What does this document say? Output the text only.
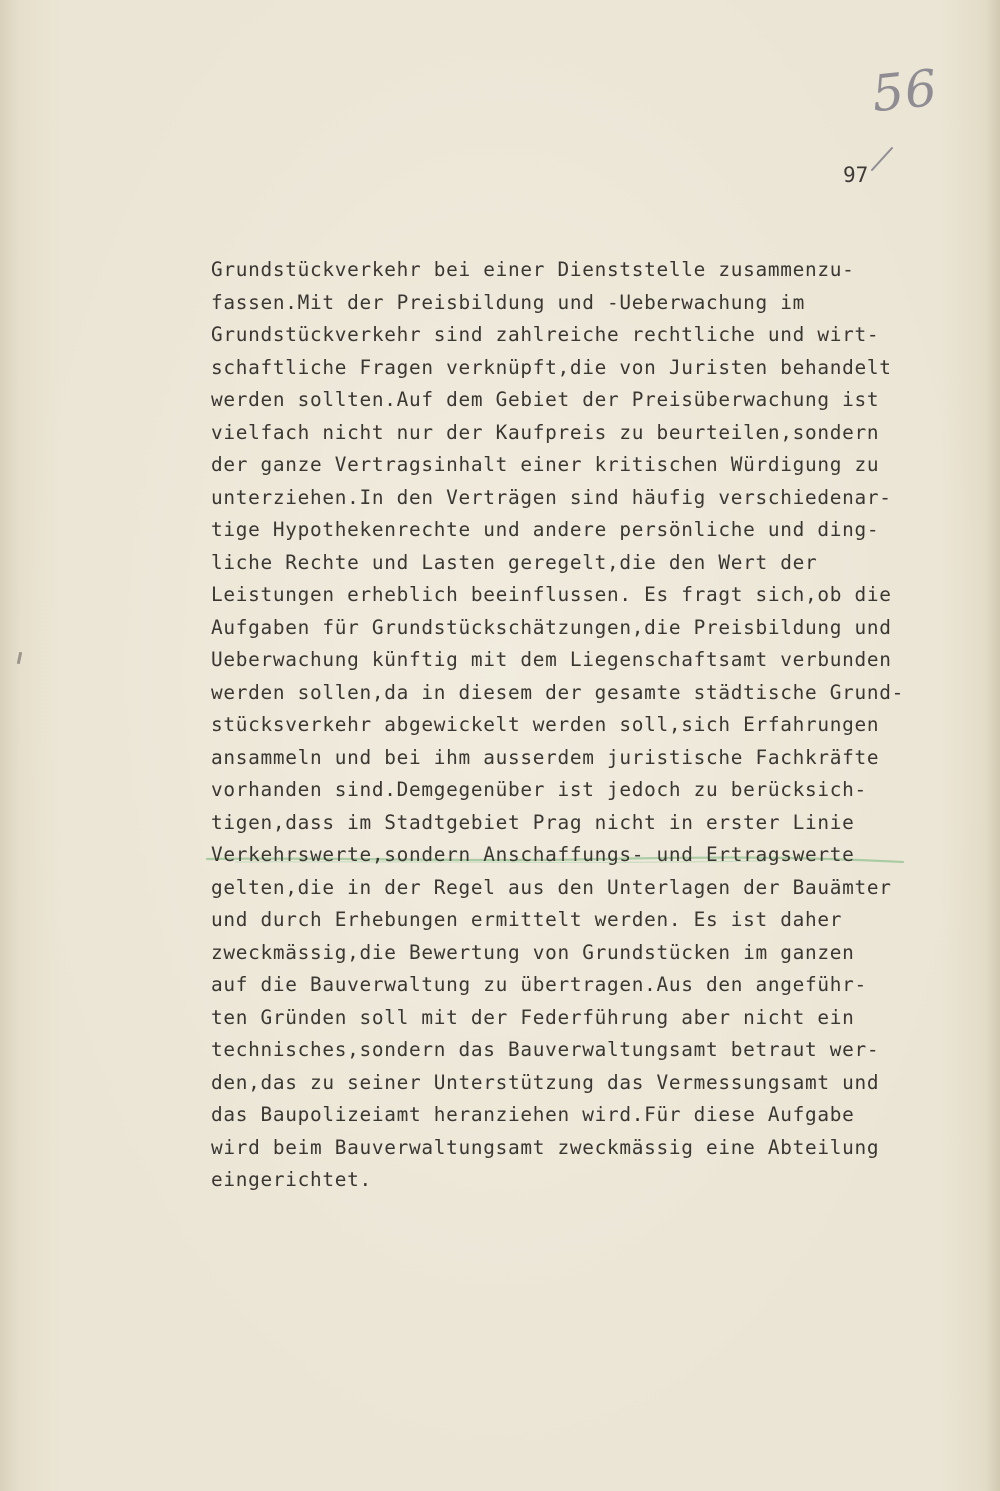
56
97
Grundstückverkehr bei einer Dienststelle zusammenzu-
fassen.Mit der Preisbildung und -Ueberwachung im
Grundstückverkehr sind zahlreiche rechtliche und wirt-
schaftliche Fragen verknüpft,die von Juristen behandelt
werden sollten.Auf dem Gebiet der Preisüberwachung ist
vielfach nicht nur der Kaufpreis zu beurteilen,sondern
der ganze Vertragsinhalt einer kritischen Würdigung zu
unterziehen.In den Verträgen sind häufig verschiedenar-
tige Hypothekenrechte und andere persönliche und ding-
liche Rechte und Lasten geregelt,die den Wert der
Leistungen erheblich beeinflussen. Es fragt sich,ob die
Aufgaben für Grundstückschätzungen,die Preisbildung und
Ueberwachung künftig mit dem Liegenschaftsamt verbunden
werden sollen,da in diesem der gesamte städtische Grund-
stücksverkehr abgewickelt werden soll,sich Erfahrungen
ansammeln und bei ihm ausserdem juristische Fachkräfte
vorhanden sind.Demgegenüber ist jedoch zu berücksich-
tigen,dass im Stadtgebiet Prag nicht in erster Linie
Verkehrswerte,sondern Anschaffungs- und Ertragswerte
gelten,die in der Regel aus den Unterlagen der Bauämter
und durch Erhebungen ermittelt werden. Es ist daher
zweckmässig,die Bewertung von Grundstücken im ganzen
auf die Bauverwaltung zu übertragen.Aus den angeführ-
ten Gründen soll mit der Federführung aber nicht ein
technisches,sondern das Bauverwaltungsamt betraut wer-
den,das zu seiner Unterstützung das Vermessungsamt und
das Baupolizeiamt heranziehen wird.Für diese Aufgabe
wird beim Bauverwaltungsamt zweckmässig eine Abteilung
eingerichtet.
